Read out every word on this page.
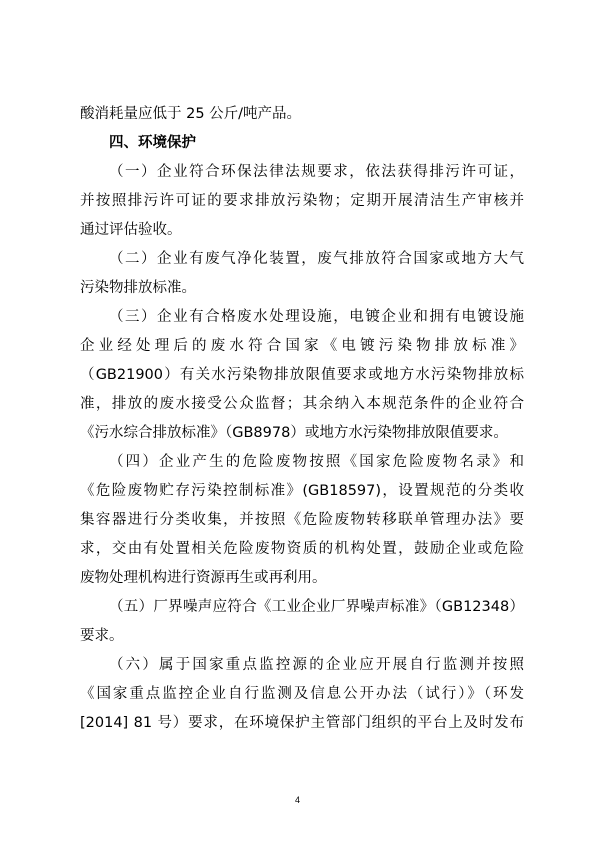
酸消耗量应低于 25 公斤/吨产品。
四、环境保护
（一）企业符合环保法律法规要求，依法获得排污许可证，
并按照排污许可证的要求排放污染物；定期开展清洁生产审核并
通过评估验收。
（二）企业有废气净化装置，废气排放符合国家或地方大气
污染物排放标准。
（三）企业有合格废水处理设施，电镀企业和拥有电镀设施
企业经处理后的废水符合国家《电镀污染物排放标准》
（GB21900）有关水污染物排放限值要求或地方水污染物排放标
准，排放的废水接受公众监督；其余纳入本规范条件的企业符合
《污水综合排放标准》（GB8978）或地方水污染物排放限值要求。
（四）企业产生的危险废物按照《国家危险废物名录》和
《危险废物贮存污染控制标准》(GB18597)，设置规范的分类收
集容器进行分类收集，并按照《危险废物转移联单管理办法》要
求，交由有处置相关危险废物资质的机构处置，鼓励企业或危险
废物处理机构进行资源再生或再利用。
（五）厂界噪声应符合《工业企业厂界噪声标准》（GB12348）
要求。
（六）属于国家重点监控源的企业应开展自行监测并按照
《国家重点监控企业自行监测及信息公开办法（试行）》（环发
[2014] 81 号）要求，在环境保护主管部门组织的平台上及时发布
4
